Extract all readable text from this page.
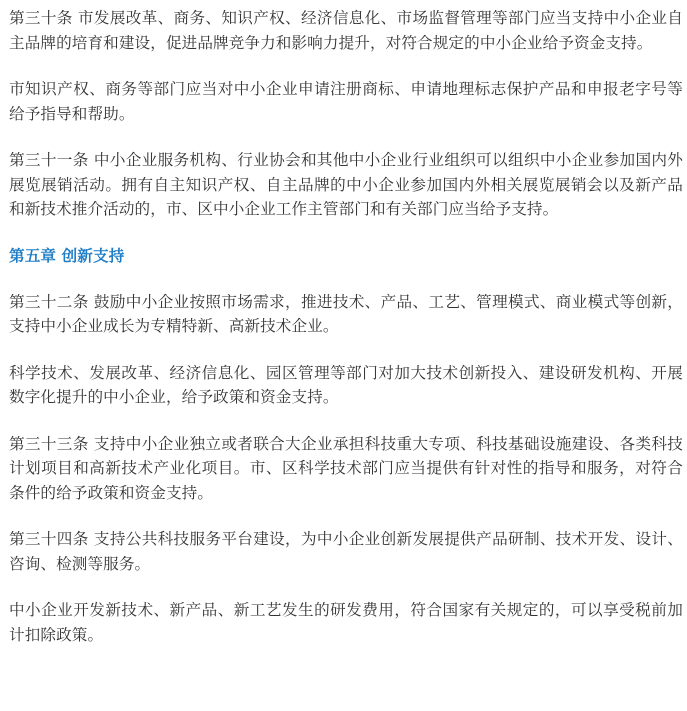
第三十条 市发展改革、商务、知识产权、经济信息化、市场监督管理等部门应当支持中小企业自主品牌的培育和建设，促进品牌竞争力和影响力提升，对符合规定的中小企业给予资金支持。

市知识产权、商务等部门应当对中小企业申请注册商标、申请地理标志保护产品和申报老字号等给予指导和帮助。

第三十一条 中小企业服务机构、行业协会和其他中小企业行业组织可以组织中小企业参加国内外展览展销活动。拥有自主知识产权、自主品牌的中小企业参加国内外相关展览展销会以及新产品和新技术推介活动的，市、区中小企业工作主管部门和有关部门应当给予支持。

第五章 创新支持

第三十二条 鼓励中小企业按照市场需求，推进技术、产品、工艺、管理模式、商业模式等创新，支持中小企业成长为专精特新、高新技术企业。

科学技术、发展改革、经济信息化、园区管理等部门对加大技术创新投入、建设研发机构、开展数字化提升的中小企业，给予政策和资金支持。

第三十三条 支持中小企业独立或者联合大企业承担科技重大专项、科技基础设施建设、各类科技计划项目和高新技术产业化项目。市、区科学技术部门应当提供有针对性的指导和服务，对符合条件的给予政策和资金支持。

第三十四条 支持公共科技服务平台建设，为中小企业创新发展提供产品研制、技术开发、设计、咨询、检测等服务。

中小企业开发新技术、新产品、新工艺发生的研发费用，符合国家有关规定的，可以享受税前加计扣除政策。
